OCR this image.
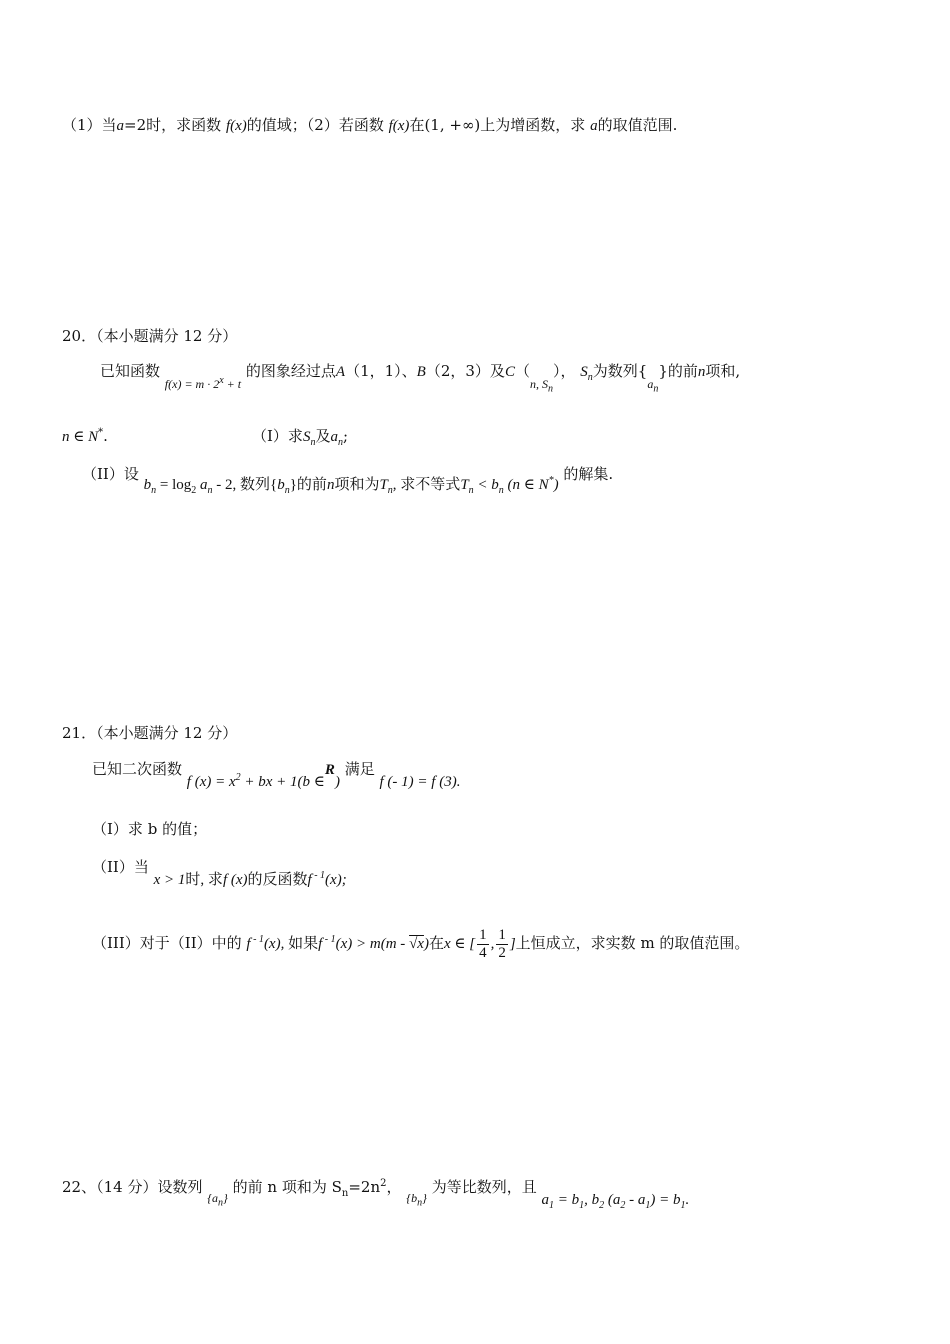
（1）当a=2时，求函数 f(x)的值域；（2）若函数 f(x)在(1, +∞)上为增函数，求 a的取值范围.
20．（本小题满分 12 分）
已知函数 $_{f(x) = m \cdot 2^x + t}$ 的图象经过点A（1，1）、B（2，3）及$C(_{n, S_n})$， $S_n$为数列$\{_{a_n}\}$的前n项和,
n ∈ N*.	（I）求$S_n$及$a_n$;
（II）设 $b_n = \log_2 a_n - 2$, 数列$\{b_n\}$的前n项和为$T_n$, 求不等式$T_n < b_n$ (n ∈ N*) 的解集.
21．（本小题满分 12 分）
已知二次函数 f $(x) = x^2$ + bx + 1(b ∈R) 满足 f (- 1) = f (3).
（I）求 b 的值；
（II）当 x > 1时, 求f (x)的反函数f $^{- 1}$(x);
（III）对于（II）中的 f $^{- 1}$(x), 如果f $^{- 1}$(x) > m(m - √x)在x ∈ [ $\frac{1}{4}$ , $\frac{1}{2}$ ]上恒成立，求实数 m 的取值范围。
22、（14 分）设数列 $_{\{a_n\}}$ 的前 n 项和为 $S_n=2n^2$， $_{\{b_n\}}$ 为等比数列，且 $a_1 = b_1$, $b_2$ $(a_2 - a_1) = b_1$.
